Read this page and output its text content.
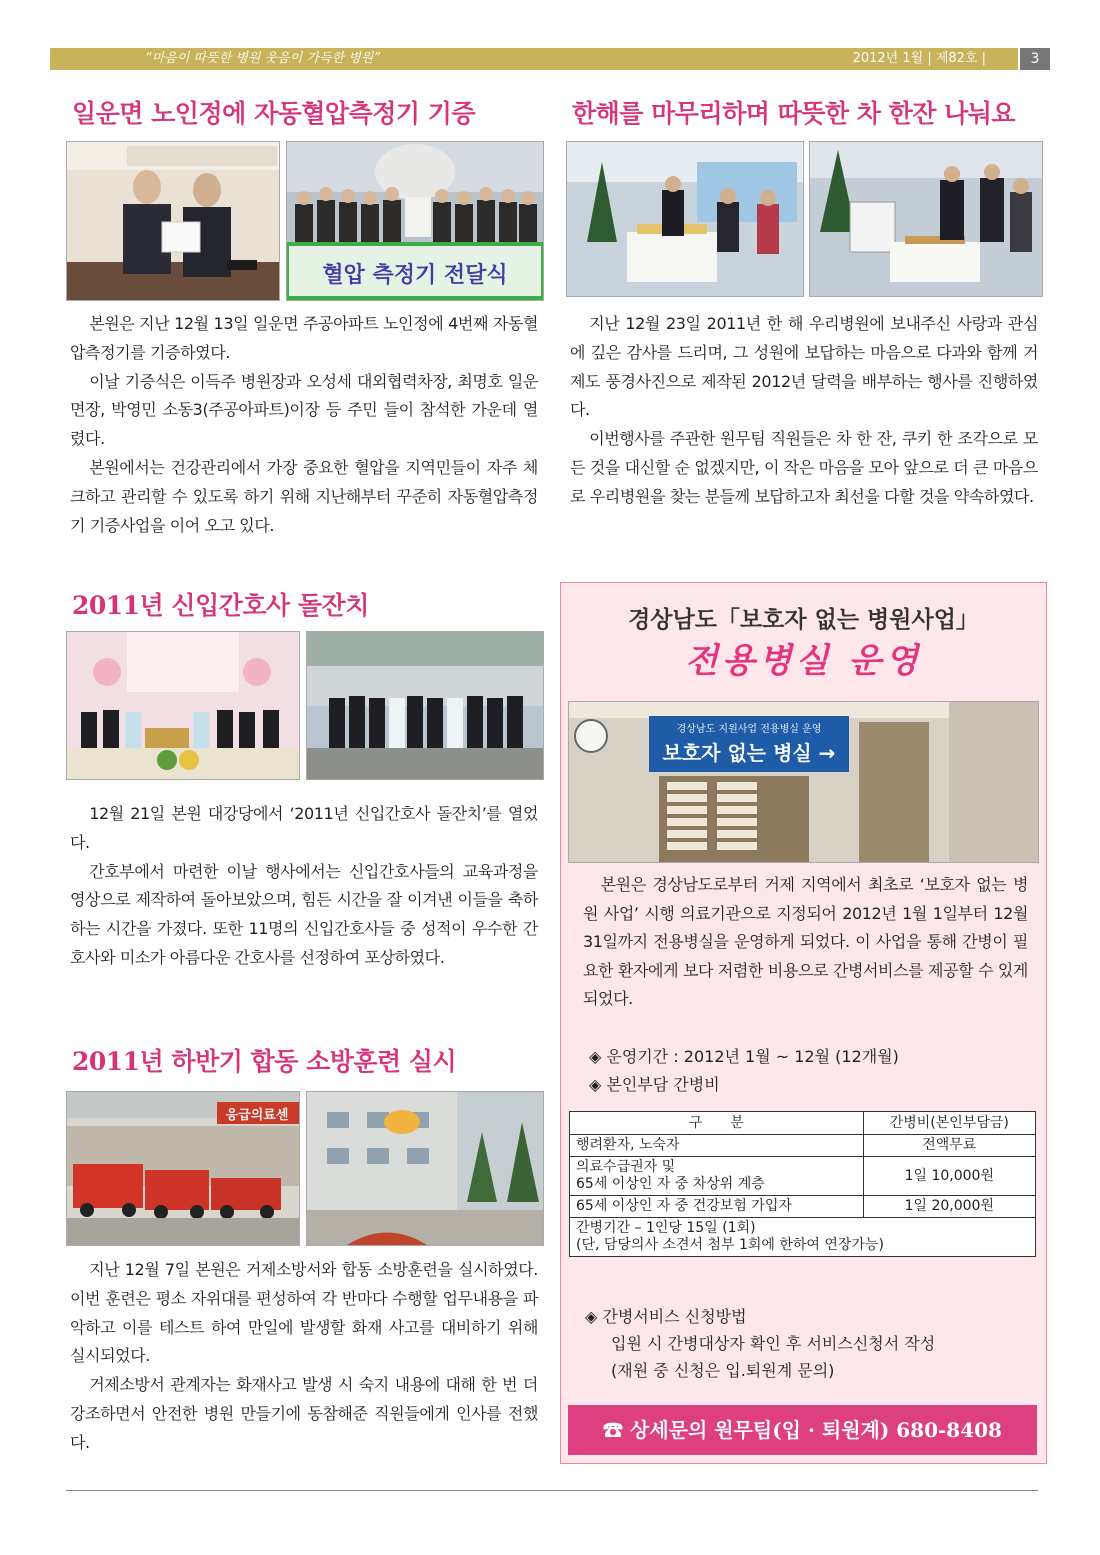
“마음이 따뜻한 병원 웃음이 가득한 병원”	2012년 1월 | 제82호 |	3
일운면 노인정에 자동혈압측정기 기증
혈압 측정기 전달식

본원은 지난 12월 13일 일운면 주공아파트 노인정에 4번째 자동혈압측정기를 기증하였다.

이날 기증식은 이득주 병원장과 오성세 대외협력차장, 최명호 일운면장, 박영민 소동3(주공아파트)이장 등 주민 들이 참석한 가운데 열렸다.

본원에서는 건강관리에서 가장 중요한 혈압을 지역민들이 자주 체크하고 관리할 수 있도록 하기 위해 지난해부터 꾸준히 자동혈압측정기 기증사업을 이어 오고 있다.

한해를 마무리하며 따뜻한 차 한잔 나눠요

지난 12월 23일 2011년 한 해 우리병원에 보내주신 사랑과 관심에 깊은 감사를 드리며, 그 성원에 보답하는 마음으로 다과와 함께 거제도 풍경사진으로 제작된 2012년 달력을 배부하는 행사를 진행하였다.

이번행사를 주관한 원무팀 직원들은 차 한 잔, 쿠키 한 조각으로 모든 것을 대신할 순 없겠지만, 이 작은 마음을 모아 앞으로 더 큰 마음으로 우리병원을 찾는 분들께 보답하고자 최선을 다할 것을 약속하였다.

2011년 신입간호사 돌잔치

12월 21일 본원 대강당에서 ‘2011년 신입간호사 돌잔치’를 열었다.

간호부에서 마련한 이날 행사에서는 신입간호사들의 교육과정을 영상으로 제작하여 돌아보았으며, 힘든 시간을 잘 이겨낸 이들을 축하하는 시간을 가졌다. 또한 11명의 신입간호사들 중 성적이 우수한 간호사와 미소가 아름다운 간호사를 선정하여 포상하였다.

2011년 하반기 합동 소방훈련 실시
응급의료센

지난 12월 7일 본원은 거제소방서와 합동 소방훈련을 실시하였다. 이번 훈련은 평소 자위대를 편성하여 각 반마다 수행할 업무내용을 파악하고 이를 테스트 하여 만일에 발생할 화재 사고를 대비하기 위해 실시되었다.

거제소방서 관계자는 화재사고 발생 시 숙지 내용에 대해 한 번 더 강조하면서 안전한 병원 만들기에 동참해준 직원들에게 인사를 전했다.

경상남도「보호자 없는 병원사업」
전용병실 운영
경상남도 지원사업 전용병실 운영
보호자 없는 병실 →

본원은 경상남도로부터 거제 지역에서 최초로 ‘보호자 없는 병원 사업’ 시행 의료기관으로 지정되어 2012년 1월 1일부터 12월 31일까지 전용병실을 운영하게 되었다. 이 사업을 통해 간병이 필요한 환자에게 보다 저렴한 비용으로 간병서비스를 제공할 수 있게 되었다.

◈ 운영기간 : 2012년 1월 ~ 12월 (12개월)
◈ 본인부담 간병비
구　　분	간병비(본인부담금)
행려환자, 노숙자	전액무료

의료수급권자 및
65세 이상인 자 중 차상위 계층	1일 10,000원
65세 이상인 자 중 건강보험 가입자	1일 20,000원

간병기간 – 1인당 15일 (1회)
(단, 담당의사 소견서 첨부 1회에 한하여 연장가능)	
◈ 간병서비스 신청방법
입원 시 간병대상자 확인 후 서비스신청서 작성
(재원 중 신청은 입.퇴원계 문의)
☎ 상세문의 원무팀(입 · 퇴원계) 680-8408
